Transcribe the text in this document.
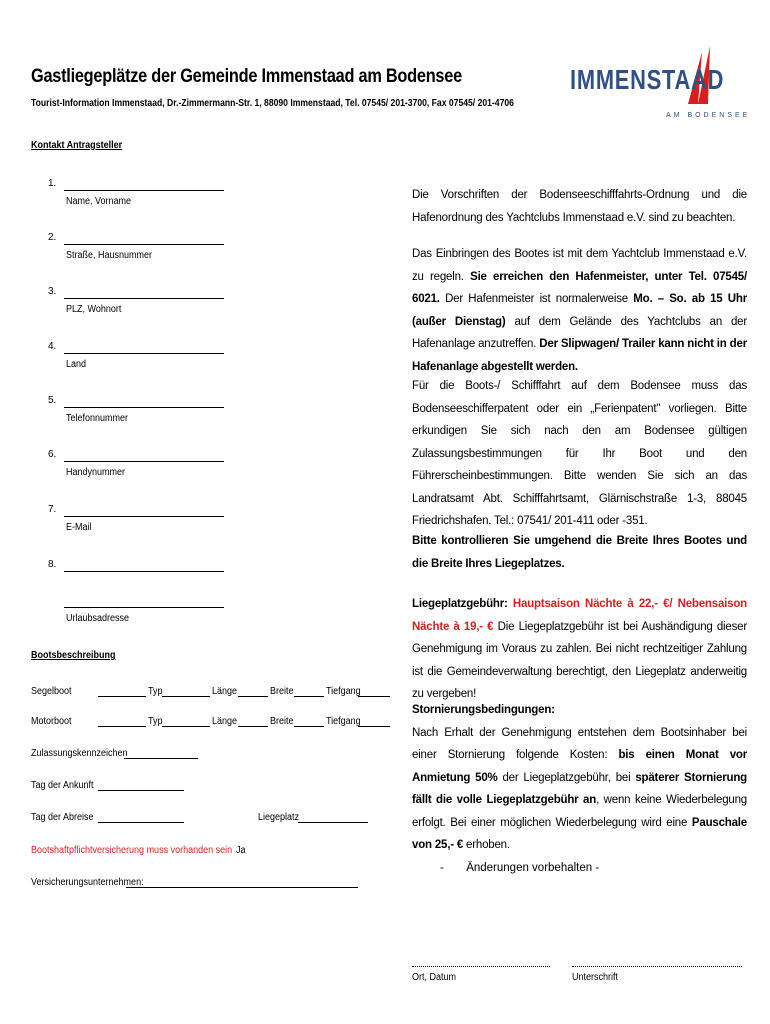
Gastliegeplätze der Gemeinde Immenstaad am Bodensee
Tourist-Information Immenstaad, Dr.-Zimmermann-Str. 1, 88090 Immenstaad, Tel. 07545/ 201-3700, Fax 07545/ 201-4706
IMMENSTAAD
AM BODENSEE
Kontakt Antragsteller
1.
Name, Vorname
2.
Straße, Hausnummer
3.
PLZ, Wohnort
4.
Land
5.
Telefonnummer
6.
Handynummer
7.
E-Mail
8.
Urlaubsadresse
Bootsbeschreibung
Segelboot	Typ	Länge	Breite	Tiefgang
Motorboot	Typ	Länge	Breite	Tiefgang
Zulassungskennzeichen
Tag der Ankunft
Tag der Abreise	Liegeplatz
Bootshaftpflichtversicherung muss vorhanden sein Ja
Versicherungsunternehmen:

Die Vorschriften der Bodenseeschifffahrts-Ordnung und die Hafenordnung des Yachtclubs Immenstaad e.V. sind zu beachten.

Das Einbringen des Bootes ist mit dem Yachtclub Immenstaad e.V. zu regeln. Sie erreichen den Hafenmeister, unter Tel. 07545/ 6021. Der Hafenmeister ist normalerweise Mo. – So. ab 15 Uhr (außer Dienstag) auf dem Gelände des Yachtclubs an der Hafenanlage anzutreffen. Der Slipwagen/ Trailer kann nicht in der Hafenanlage abgestellt werden.

Für die Boots-/ Schifffahrt auf dem Bodensee muss das Bodenseeschifferpatent oder ein „Ferienpatent" vorliegen. Bitte erkundigen Sie sich nach den am Bodensee gültigen Zulassungsbestimmungen für Ihr Boot und den Führerscheinbestimmungen. Bitte wenden Sie sich an das Landratsamt Abt. Schifffahrtsamt, Glärnischstraße 1-3, 88045 Friedrichshafen. Tel.: 07541/ 201-411 oder -351.

Bitte kontrollieren Sie umgehend die Breite Ihres Bootes und die Breite Ihres Liegeplatzes.

Liegeplatzgebühr: Hauptsaison Nächte à 22,- €/ Nebensaison Nächte à 19,- € Die Liegeplatzgebühr ist bei Aushändigung dieser Genehmigung im Voraus zu zahlen. Bei nicht rechtzeitiger Zahlung ist die Gemeindeverwaltung berechtigt, den Liegeplatz anderweitig zu vergeben!

Stornierungsbedingungen:
Nach Erhalt der Genehmigung entstehen dem Bootsinhaber bei einer Stornierung folgende Kosten: bis einen Monat vor Anmietung 50% der Liegeplatzgebühr, bei späterer Stornierung fällt die volle Liegeplatzgebühr an, wenn keine Wiederbelegung erfolgt. Bei einer möglichen Wiederbelegung wird eine Pauschale von 25,- € erhoben.

-       Änderungen vorbehalten -
Ort, Datum	Unterschrift
